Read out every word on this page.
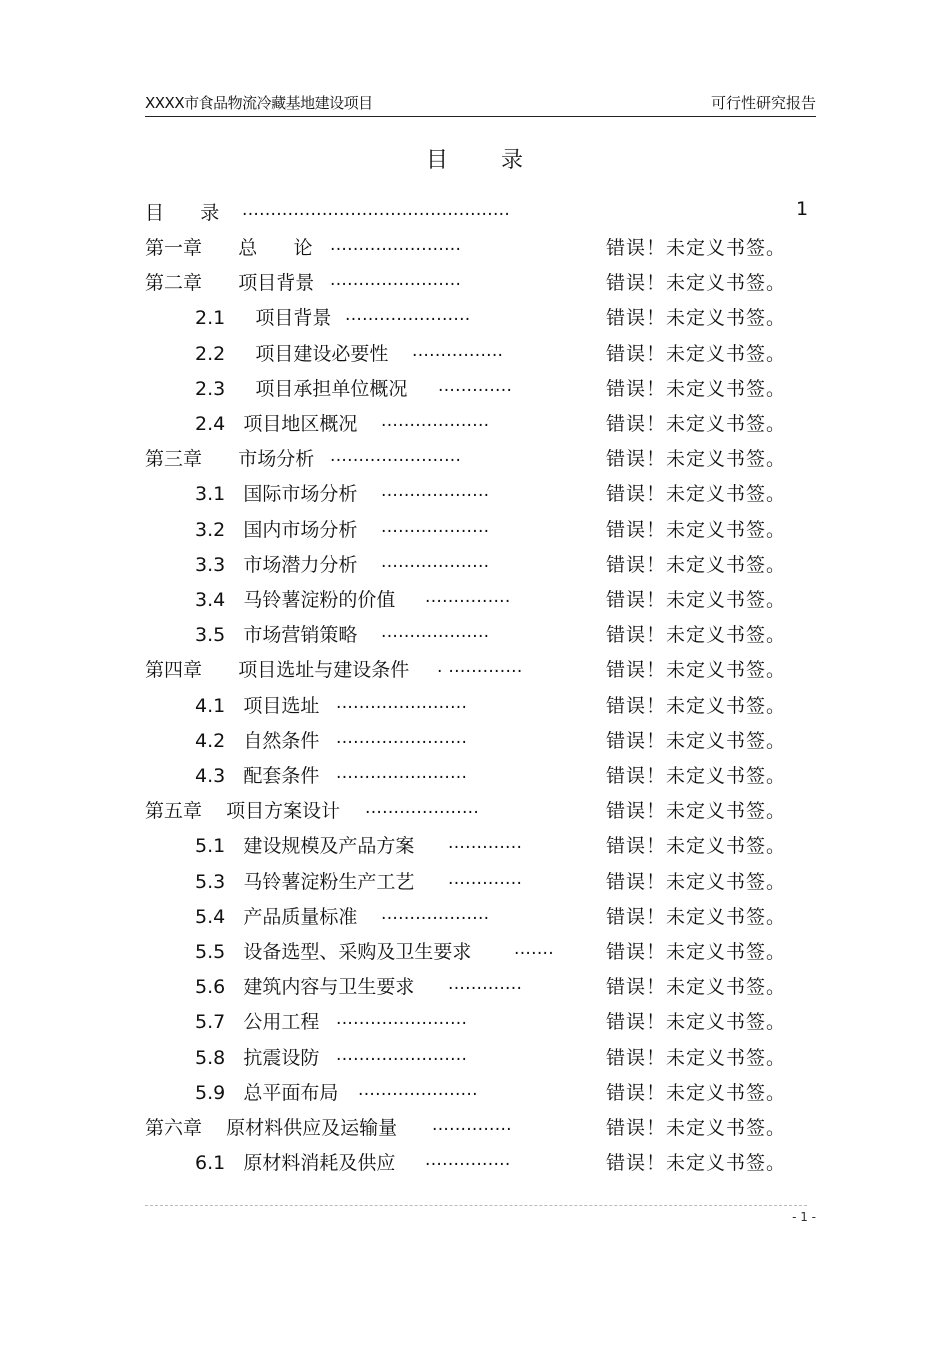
XXXX市食品物流冷藏基地建设项目	可行性研究报告
目 录
目      录 ...............................................	1
第一章      总      论 .......................	错误！未定义书签。
第二章      项目背景 .......................	错误！未定义书签。
2.1     项目背景 ......................	错误！未定义书签。
2.2     项目建设必要性 ................	错误！未定义书签。
2.3     项目承担单位概况 .............	错误！未定义书签。
2.4   项目地区概况 ...................	错误！未定义书签。
第三章      市场分析 .......................	错误！未定义书签。
3.1   国际市场分析 ...................	错误！未定义书签。
3.2   国内市场分析 ...................	错误！未定义书签。
3.3   市场潜力分析 ...................	错误！未定义书签。
3.4   马铃薯淀粉的价值 ...............	错误！未定义书签。
3.5   市场营销策略 ...................	错误！未定义书签。
第四章      项目选址与建设条件 . .............	错误！未定义书签。
4.1   项目选址 .......................	错误！未定义书签。
4.2   自然条件 .......................	错误！未定义书签。
4.3   配套条件 .......................	错误！未定义书签。
第五章    项目方案设计 ....................	错误！未定义书签。
5.1   建设规模及产品方案 .............	错误！未定义书签。
5.3   马铃薯淀粉生产工艺 .............	错误！未定义书签。
5.4   产品质量标准 ...................	错误！未定义书签。
5.5   设备选型、采购及卫生要求	.......	错误！未定义书签。
5.6   建筑内容与卫生要求 .............	错误！未定义书签。
5.7   公用工程 .......................	错误！未定义书签。
5.8   抗震设防 .......................	错误！未定义书签。
5.9   总平面布局 .....................	错误！未定义书签。
第六章    原材料供应及运输量 ..............	错误！未定义书签。
6.1   原材料消耗及供应 ...............	错误！未定义书签。
- 1 -
